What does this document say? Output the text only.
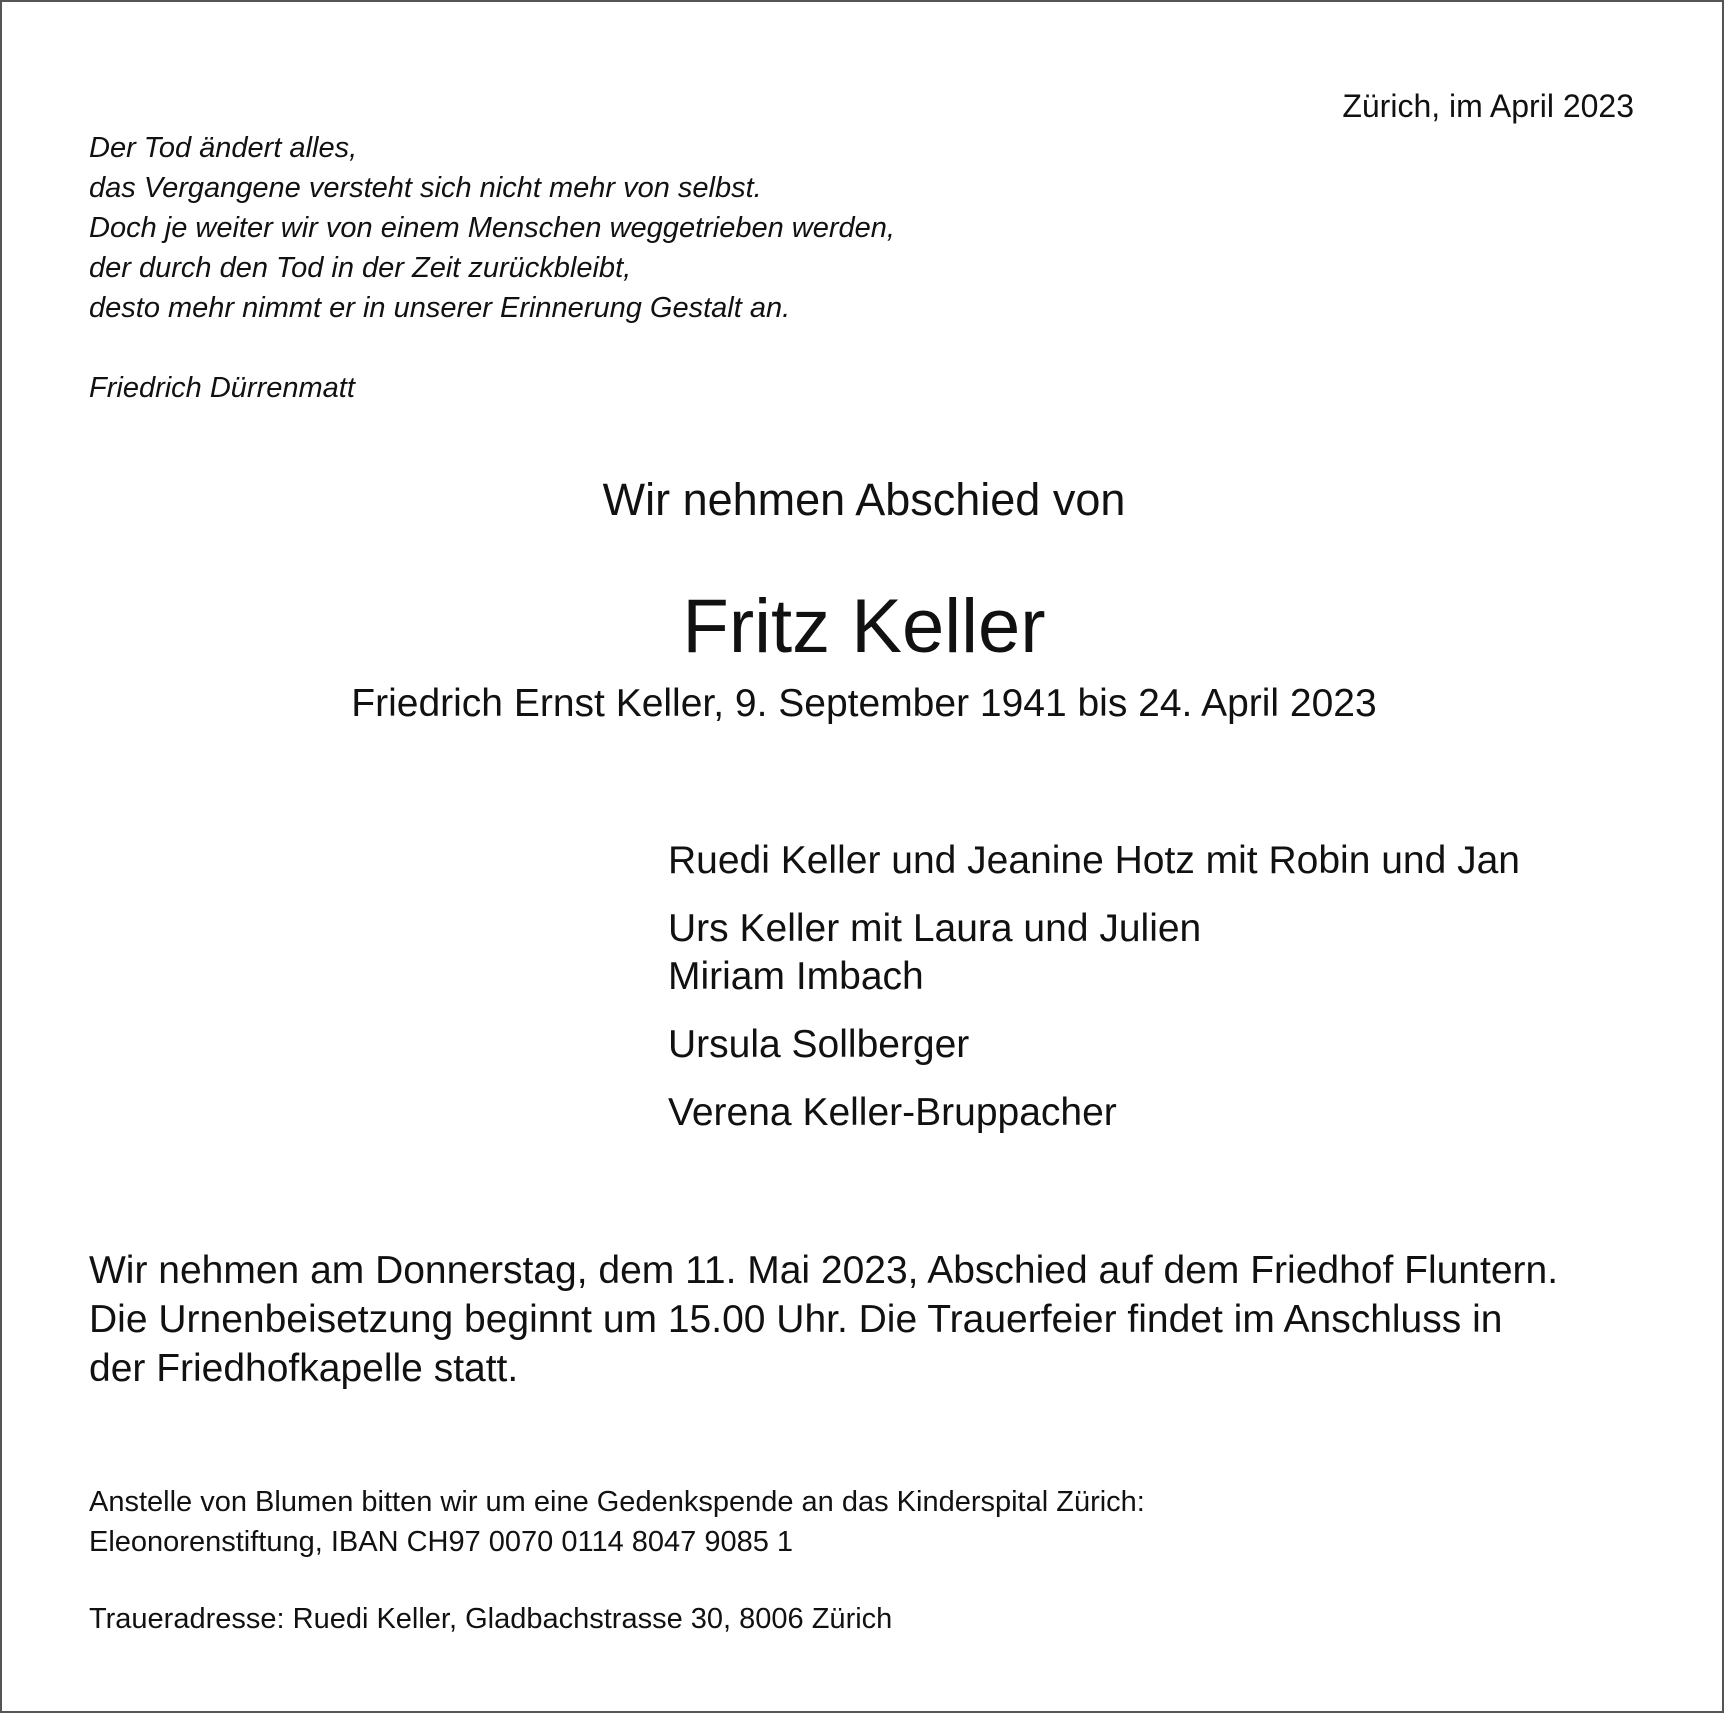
Zürich, im April 2023
Der Tod ändert alles,
das Vergangene versteht sich nicht mehr von selbst.
Doch je weiter wir von einem Menschen weggetrieben werden,
der durch den Tod in der Zeit zurückbleibt,
desto mehr nimmt er in unserer Erinnerung Gestalt an.
Friedrich Dürrenmatt
Wir nehmen Abschied von
Fritz Keller
Friedrich Ernst Keller, 9. September 1941 bis 24. April 2023
Ruedi Keller und Jeanine Hotz mit Robin und Jan
Urs Keller mit Laura und Julien
Miriam Imbach
Ursula Sollberger
Verena Keller-Bruppacher
Wir nehmen am Donnerstag, dem 11. Mai 2023, Abschied auf dem Friedhof Fluntern.
Die Urnenbeisetzung beginnt um 15.00 Uhr. Die Trauerfeier findet im Anschluss in
der Friedhofkapelle statt.
Anstelle von Blumen bitten wir um eine Gedenkspende an das Kinderspital Zürich:
Eleonorenstiftung, IBAN CH97 0070 0114 8047 9085 1
Traueradresse: Ruedi Keller, Gladbachstrasse 30, 8006 Zürich
